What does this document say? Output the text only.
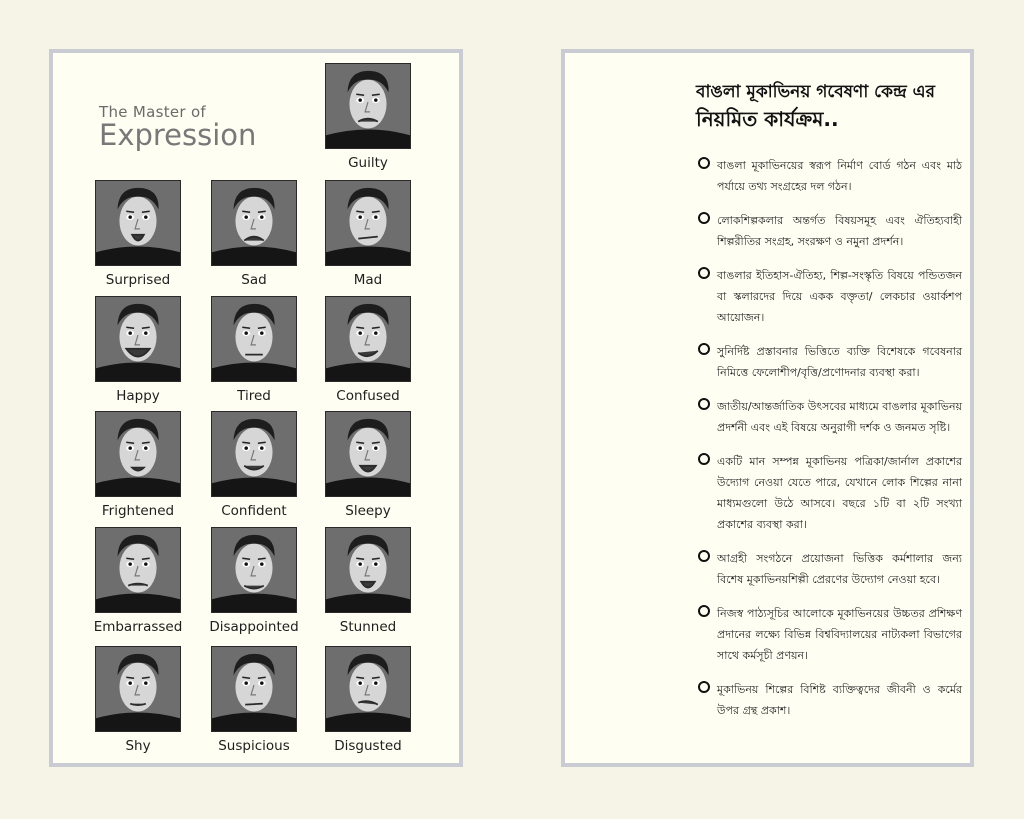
The Master of
Expression
Guilty
Surprised	Sad	Mad
Happy	Tired	Confused
Frightened	Confident	Sleepy
Embarrassed	Disappointed	Stunned
Shy	Suspicious	Disgusted
বাঙলা মূকাভিনয় গবেষণা কেন্দ্র এর
নিয়মিত কার্যক্রম..
বাঙলা মূকাভিনয়ের স্বরূপ নির্মাণ বোর্ড গঠন এবং মাঠ পর্যায়ে তথ্য সংগ্রহের দল গঠন।
লোকশিল্পকলার অন্তর্গত বিষয়সমূহ এবং ঐতিহ্যবাহী শিল্পরীতির সংগ্রহ, সংরক্ষণ ও নমুনা প্রদর্শন।
বাঙলার ইতিহাস-ঐতিহ্য, শিল্প-সংস্কৃতি বিষয়ে পন্ডিতজন বা স্কলারদের দিয়ে একক বক্তৃতা/ লেকচার ওয়ার্কশপ আয়োজন।
সুনির্দিষ্ট প্রস্তাবনার ভিত্তিতে ব্যক্তি বিশেষকে গবেষনার নিমিত্তে ফেলোশীপ/বৃত্তি/প্রণোদনার ব্যবস্থা করা।
জাতীয়/আন্তর্জাতিক উৎসবের মাধ্যমে বাঙলার মূকাভিনয় প্রদর্শনী এবং এই বিষয়ে অনুরাগী দর্শক ও জনমত সৃষ্টি।
একটি মান সম্পন্ন মূকাভিনয় পত্রিকা/জার্নাল প্রকাশের উদ্যোগ নেওয়া যেতে পারে, যেখানে লোক শিল্পের নানা মাধ্যমগুলো উঠে আসবে। বছরে ১টি বা ২টি সংখ্যা প্রকাশের ব্যবস্থা করা।
আগ্রহী সংগঠনে প্রয়োজনা ভিত্তিক কর্মশালার জন্য বিশেষ মূকাভিনয়শিল্পী প্রেরণের উদ্যোগ নেওয়া হবে।
নিজস্ব পাঠ্যসূচির আলোকে মূকাভিনয়ের উচ্চতর প্রশিক্ষণ প্রদানের লক্ষ্যে বিভিন্ন বিশ্ববিদ্যালয়ের নাট্যকলা বিভাগের সাথে কর্মসূচী প্রণয়ন।
মূকাভিনয় শিল্পের বিশিষ্ট ব্যক্তিত্বদের জীবনী ও কর্মের উপর গ্রন্থ প্রকাশ।
